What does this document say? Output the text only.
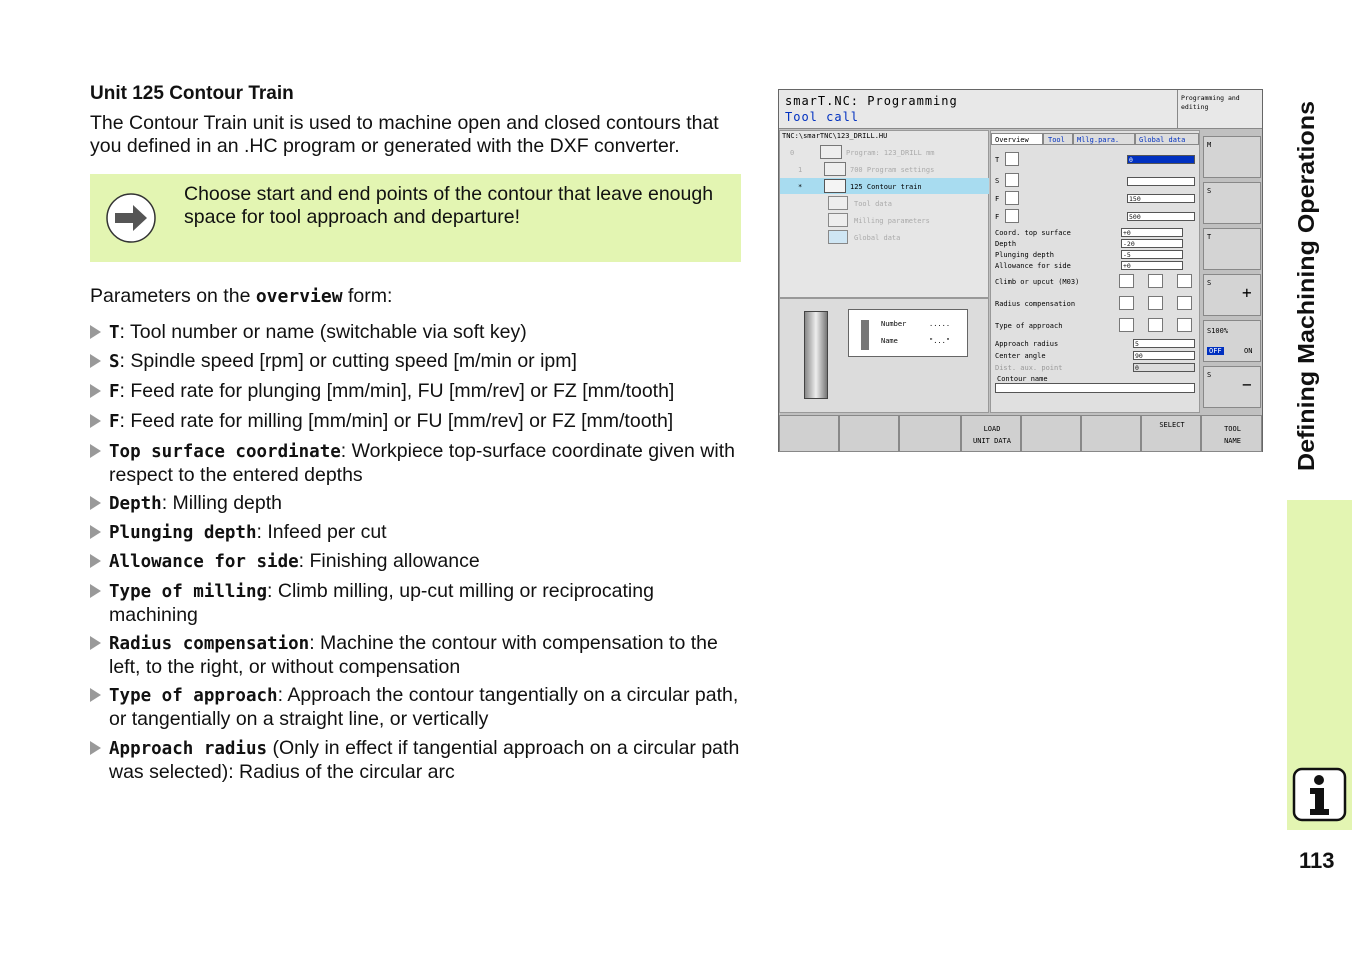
Unit 125 Contour Train
The Contour Train unit is used to machine open and closed contours that you defined in an .HC program or generated with the DXF converter.
Choose start and end points of the contour that leave enough space for tool approach and departure!
Parameters on the overview form:
T: Tool number or name (switchable via soft key)
S: Spindle speed [rpm] or cutting speed [m/min or ipm]
F: Feed rate for plunging [mm/min], FU [mm/rev] or FZ [mm/tooth]
F: Feed rate for milling [mm/min] or FU [mm/rev] or FZ [mm/tooth]
Top surface coordinate: Workpiece top-surface coordinate given with respect to the entered depths
Depth: Milling depth
Plunging depth: Infeed per cut
Allowance for side: Finishing allowance
Type of milling: Climb milling, up-cut milling or reciprocating machining
Radius compensation: Machine the contour with compensation to the left, to the right, or without compensation
Type of approach: Approach the contour tangentially on a circular path, or tangentially on a straight line, or vertically
Approach radius (Only in effect if tangential approach on a circular path was selected): Radius of the circular arc
Defining Machining Operations
113
smarT.NC: Programming
Tool call
Programming and editing
TNC:\smarTNC\123_DRILL.HU
0
1
*
Program: 123_DRILL mm
700 Program settings
125 Contour train
Tool data
Milling parameters
Global data
Number	.....
Name	"..."
Overview	Tool Mllg.para.	Global data
T	0
S
F	150
F	500
Coord. top surface	+0
Depth	-20
Plunging depth	-5
Allowance for side	+0
Climb or upcut (M03)
Radius compensation
Type of approach
Approach radius	5
Center angle	90
Dist. aux. point	0
Contour name
M
S
T
S +
S100%
OFF	ON
S −
LOAD
UNIT DATA
SELECT	TOOL
NAME
